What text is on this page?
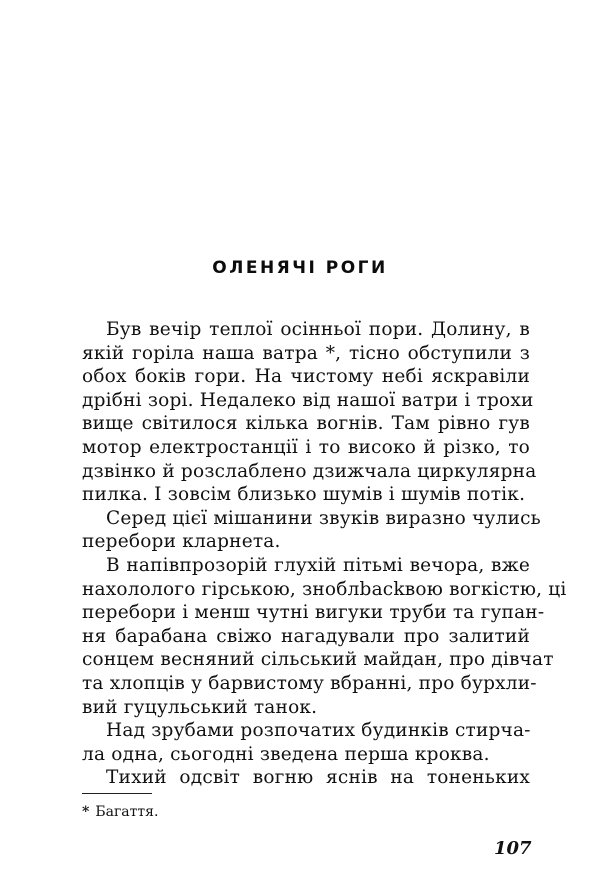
ОЛЕНЯЧІ РОГИ
Був вечір теплої осінньої пори. Долину, в
якій горіла наша ватра *, тісно обступили з
обох боків гори. На чистому небі яскравіли
дрібні зорі. Недалеко від нашої ватри і трохи
вище світилося кілька вогнів. Там рівно гув
мотор електростанції і то високо й різко, то
дзвінко й розслаблено дзижчала циркулярна
пилка. І зовсім близько шумів і шумів потік.
Серед цієї мішанини звуків виразно чулись
перебори кларнета.
В напівпрозорій глухій пітьмі вечора, вже
нахололого гірською, зноблbackвою вогкістю, ці
перебори і менш чутні вигуки труби та гупан-
ня барабана свіжо нагадували про залитий
сонцем весняний сільський майдан, про дівчат
та хлопців у барвистому вбранні, про бурхли-
вий гуцульський танок.
Над зрубами розпочатих будинків стирча-
ла одна, сьогодні зведена перша кроква.
Тихий одсвіт вогню яснів на тоненьких
* Багаття.
107
